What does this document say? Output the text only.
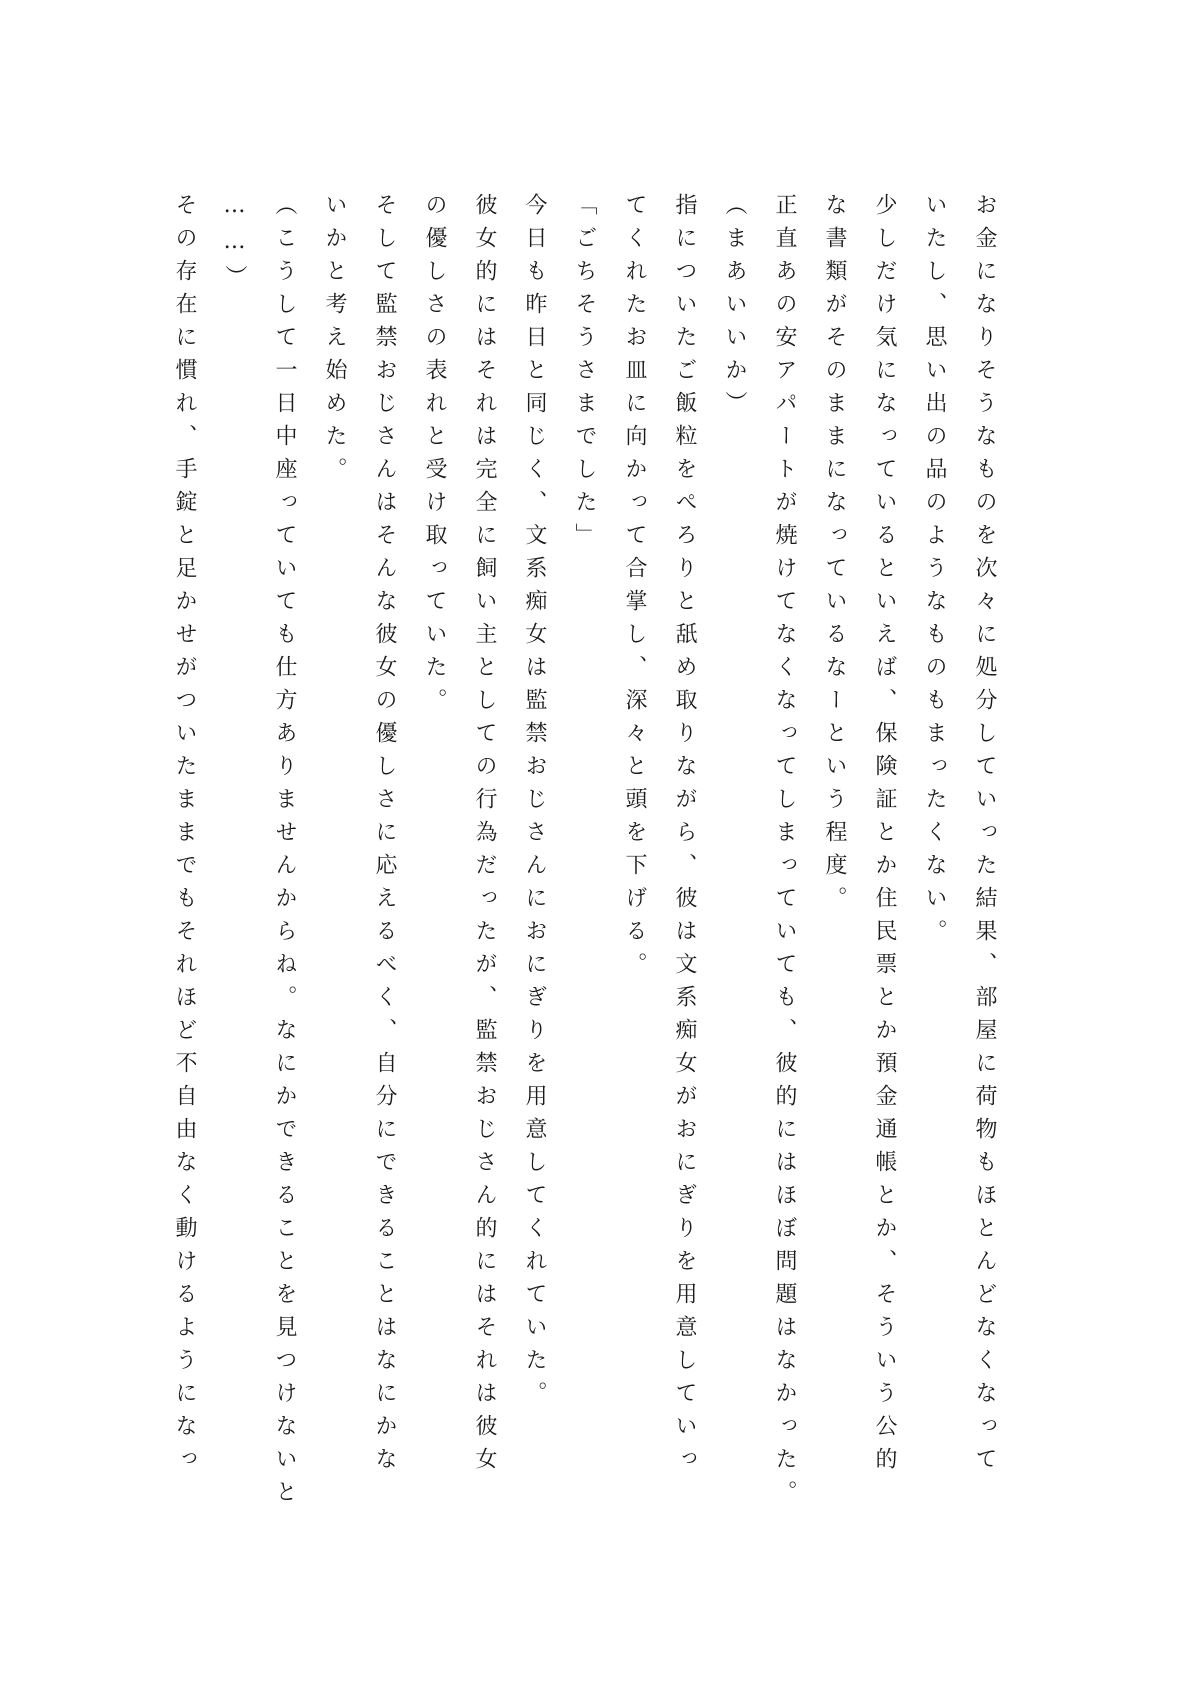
お金になりそうなものを次々に処分していった結果、部屋に荷物もほとんどなくなって

いたし、思い出の品のようなものもまったくない。

少しだけ気になっているといえば、保険証とか住民票とか預金通帳とか、そういう公的

な書類がそのままになっているなーという程度。

正直あの安アパートが焼けてなくなってしまっていても、彼的にはほぼ問題はなかった。

（まあいいか）

指についたご飯粒をぺろりと舐め取りながら、彼は文系痴女がおにぎりを用意していっ

てくれたお皿に向かって合掌し、深々と頭を下げる。

「ごちそうさまでした」

今日も昨日と同じく、文系痴女は監禁おじさんにおにぎりを用意してくれていた。

彼女的にはそれは完全に飼い主としての行為だったが、監禁おじさん的にはそれは彼女

の優しさの表れと受け取っていた。

そして監禁おじさんはそんな彼女の優しさに応えるべく、自分にできることはなにかな

いかと考え始めた。

（こうして一日中座っていても仕方ありませんからね。なにかできることを見つけないと

……）

その存在に慣れ、手錠と足かせがついたままでもそれほど不自由なく動けるようになっ
